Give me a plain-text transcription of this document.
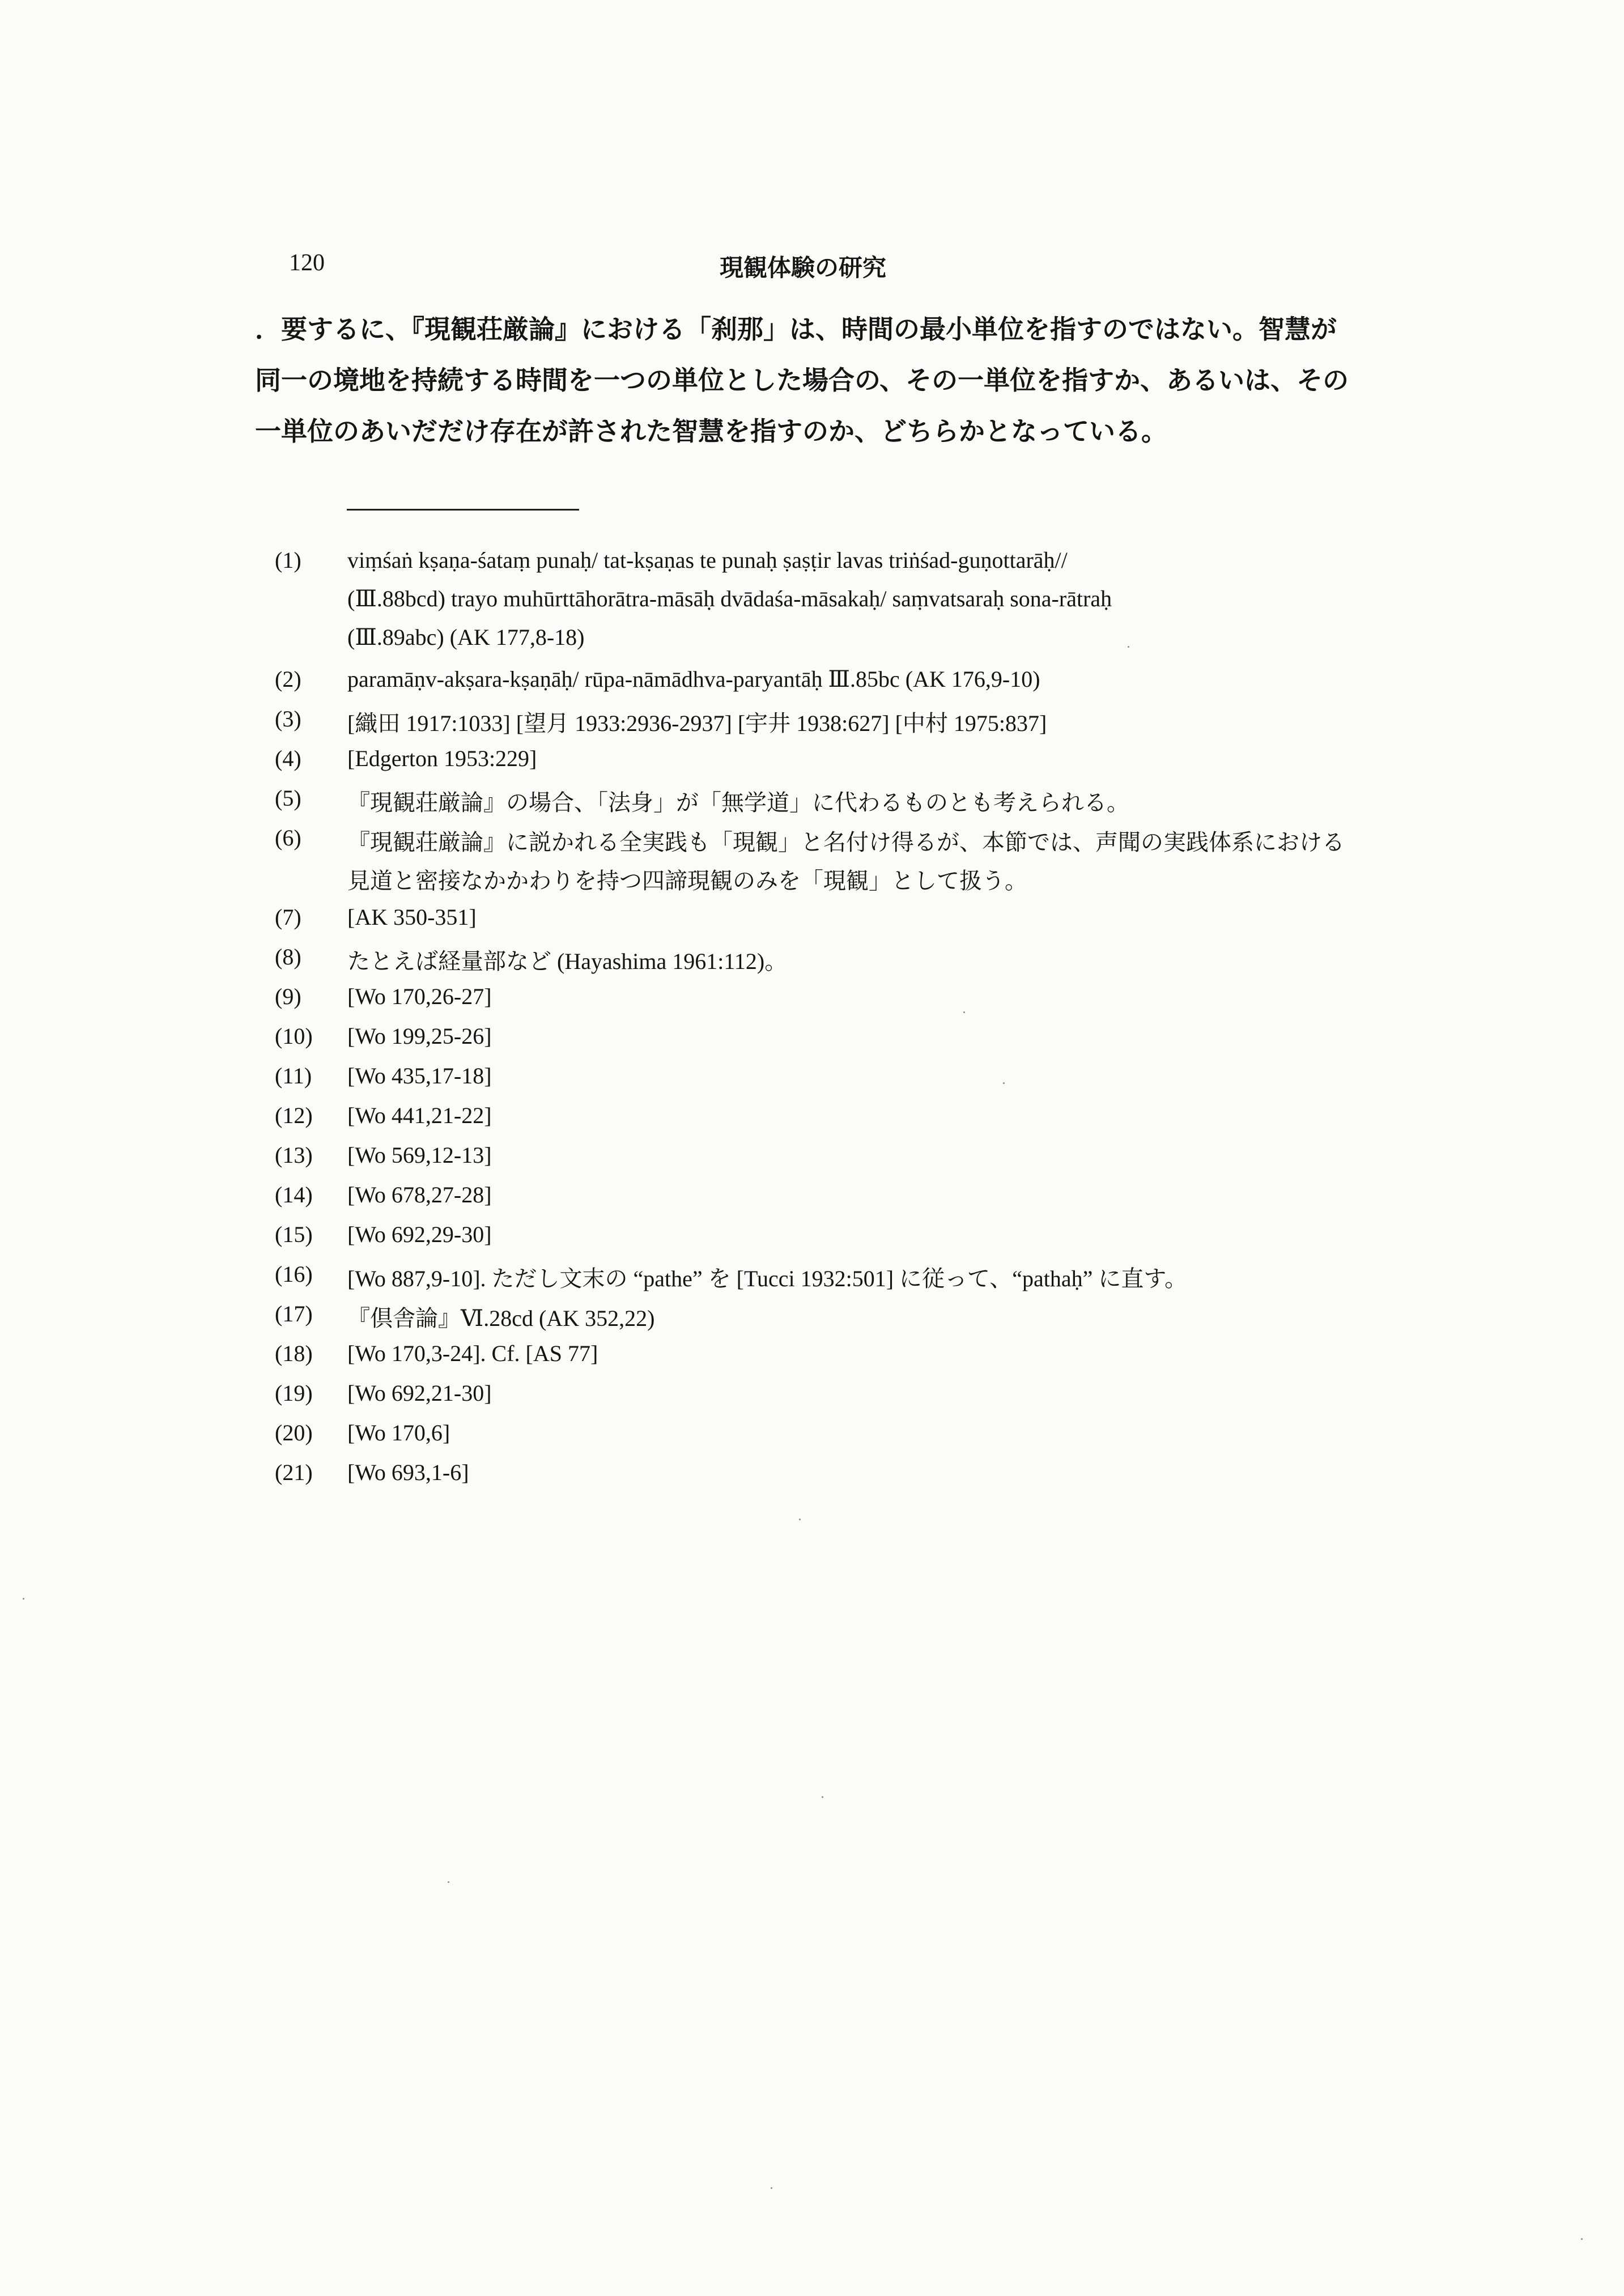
120	現観体験の研究
．要するに、『現観荘厳論』における「刹那」は、時間の最小単位を指すのではない。智慧が
同一の境地を持続する時間を一つの単位とした場合の、その一単位を指すか、あるいは、その
一単位のあいだだけ存在が許された智慧を指すのか、どちらかとなっている。
(1)	viṃśaṅ kṣaṇa-śataṃ punaḥ/ tat-kṣaṇas te punaḥ ṣaṣṭir lavas triṅśad-guṇottarāḥ//
(Ⅲ.88bcd) trayo muhūrttāhorātra-māsāḥ dvādaśa-māsakaḥ/ saṃvatsaraḥ sona-rātraḥ
(Ⅲ.89abc) (AK 177,8-18)
(2)	paramāṇv-akṣara-kṣaṇāḥ/ rūpa-nāmādhva-paryantāḥ Ⅲ.85bc (AK 176,9-10)
(3)	[織田 1917:1033] [望月 1933:2936-2937] [宇井 1938:627] [中村 1975:837]
(4)	[Edgerton 1953:229]
(5)	『現観荘厳論』の場合、「法身」が「無学道」に代わるものとも考えられる。
(6)	『現観荘厳論』に説かれる全実践も「現観」と名付け得るが、本節では、声聞の実践体系における
見道と密接なかかわりを持つ四諦現観のみを「現観」として扱う。
(7)	[AK 350-351]
(8)	たとえば経量部など (Hayashima 1961:112)。
(9)	[Wo 170,26-27]
(10)	[Wo 199,25-26]
(11)	[Wo 435,17-18]
(12)	[Wo 441,21-22]
(13)	[Wo 569,12-13]
(14)	[Wo 678,27-28]
(15)	[Wo 692,29-30]
(16)	[Wo 887,9-10]. ただし文末の “pathe” を [Tucci 1932:501] に従って、“pathaḥ” に直す。
(17)	『倶舎論』Ⅵ.28cd (AK 352,22)
(18)	[Wo 170,3-24]. Cf. [AS 77]
(19)	[Wo 692,21-30]
(20)	[Wo 170,6]
(21)	[Wo 693,1-6]
